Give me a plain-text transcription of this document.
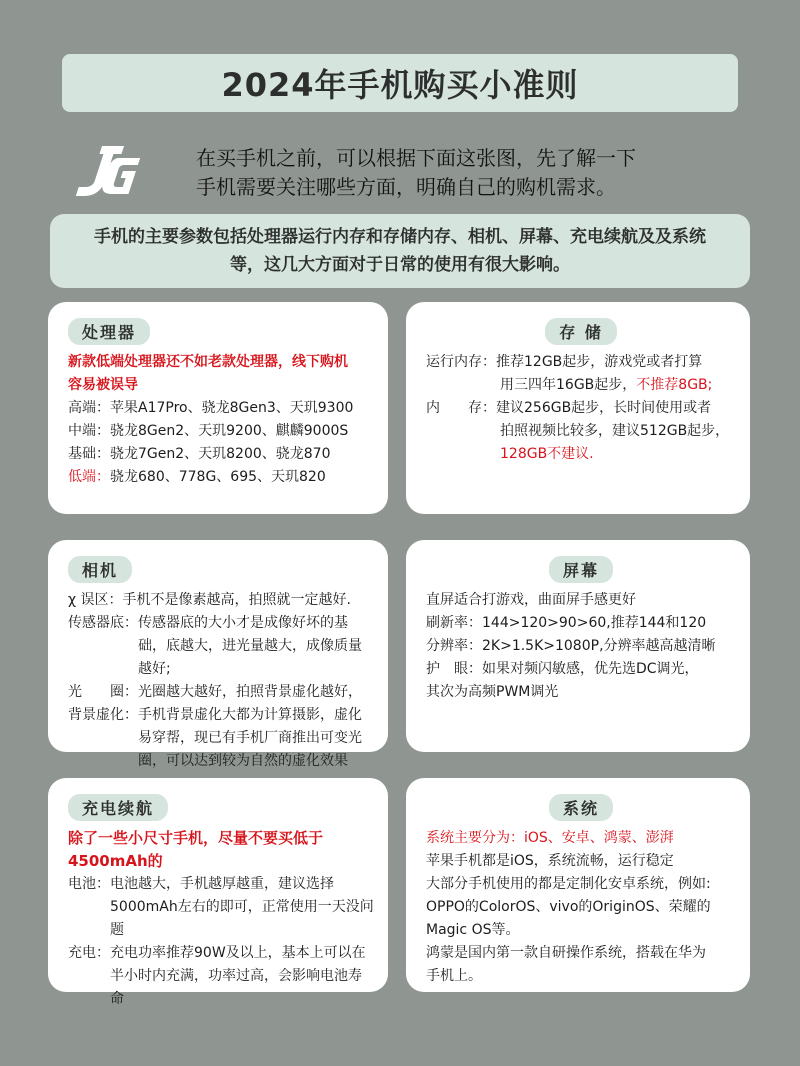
2024年手机购买小准则
在买手机之前，可以根据下面这张图，先了解一下
手机需要关注哪些方面，明确自己的购机需求。
手机的主要参数包括处理器运行内存和存储内存、相机、屏幕、充电续航及及系统
等，这几大方面对于日常的使用有很大影响。
处理器
新款低端处理器还不如老款处理器，线下购机
容易被误导
高端：苹果A17Pro、骁龙8Gen3、天玑9300
中端：骁龙8Gen2、天玑9200、麒麟9000S
基础：骁龙7Gen2、天玑8200、骁龙870
低端：骁龙680、778G、695、天玑820
存 储
运行内存：推荐12GB起步，游戏党或者打算
用三四年16GB起步，不推荐8GB;
内　　存：建议256GB起步，长时间使用或者
拍照视频比较多，建议512GB起步，
128GB不建议.
相机
χ 误区： 手机不是像素越高，拍照就一定越好.
传感器底： 传感器底的大小才是成像好坏的基础，底越大，进光量越大，成像质量越好;
光　　圈： 光圈越大越好，拍照背景虚化越好，
背景虚化： 手机背景虚化大都为计算摄影，虚化易穿帮，现已有手机厂商推出可变光圈，可以达到较为自然的虚化效果
屏幕
直屏适合打游戏，曲面屏手感更好
刷新率：144>120>90>60,推荐144和120
分辨率：2K>1.5K>1080P,分辨率越高越清晰
护　眼：如果对频闪敏感，优先选DC调光，
其次为高频PWM调光
充电续航
除了一些小尺寸手机，尽量不要买低于4500mAh的
电池： 电池越大，手机越厚越重，建议选择5000mAh左右的即可，正常使用一天没问题
充电： 充电功率推荐90W及以上，基本上可以在半小时内充满，功率过高，会影响电池寿命
系统
系统主要分为：iOS、安卓、鸿蒙、澎湃
苹果手机都是iOS，系统流畅，运行稳定
大部分手机使用的都是定制化安卓系统，例如:
OPPO的ColorOS、vivo的OriginOS、荣耀的
Magic OS等。
鸿蒙是国内第一款自研操作系统，搭载在华为
手机上。
